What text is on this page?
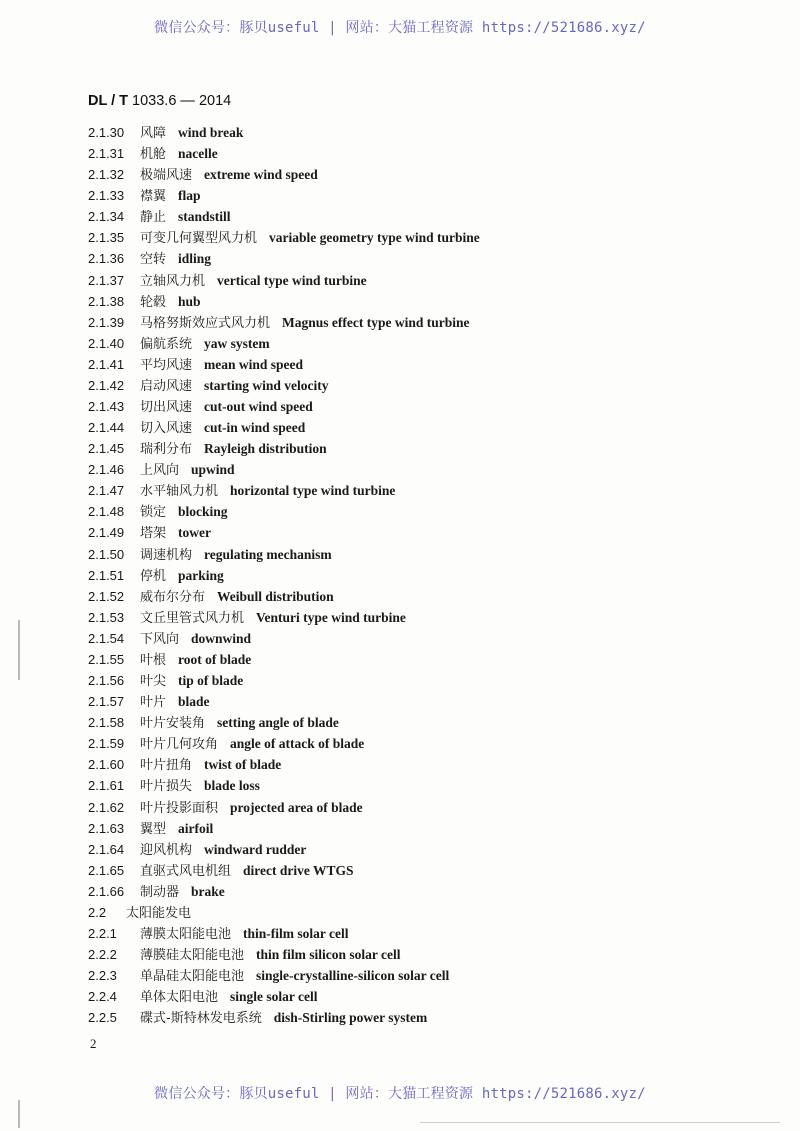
微信公众号：豚贝useful | 网站：大猫工程资源 https://521686.xyz/
DL / T 1033.6 — 2014
2.1.30	风障 wind break
2.1.31	机舱 nacelle
2.1.32	极端风速 extreme wind speed
2.1.33	襟翼 flap
2.1.34	静止 standstill
2.1.35	可变几何翼型风力机 variable geometry type wind turbine
2.1.36	空转 idling
2.1.37	立轴风力机 vertical type wind turbine
2.1.38	轮毂 hub
2.1.39	马格努斯效应式风力机 Magnus effect type wind turbine
2.1.40	偏航系统 yaw system
2.1.41	平均风速 mean wind speed
2.1.42	启动风速 starting wind velocity
2.1.43	切出风速 cut-out wind speed
2.1.44	切入风速 cut-in wind speed
2.1.45	瑞利分布 Rayleigh distribution
2.1.46	上风向 upwind
2.1.47	水平轴风力机 horizontal type wind turbine
2.1.48	锁定 blocking
2.1.49	塔架 tower
2.1.50	调速机构 regulating mechanism
2.1.51	停机 parking
2.1.52	威布尔分布 Weibull distribution
2.1.53	文丘里管式风力机 Venturi type wind turbine
2.1.54	下风向 downwind
2.1.55	叶根 root of blade
2.1.56	叶尖 tip of blade
2.1.57	叶片 blade
2.1.58	叶片安装角 setting angle of blade
2.1.59	叶片几何攻角 angle of attack of blade
2.1.60	叶片扭角 twist of blade
2.1.61	叶片损失 blade loss
2.1.62	叶片投影面积 projected area of blade
2.1.63	翼型 airfoil
2.1.64	迎风机构 windward rudder
2.1.65	直驱式风电机组 direct drive WTGS
2.1.66	制动器 brake
2.2	太阳能发电
2.2.1	薄膜太阳能电池 thin-film solar cell
2.2.2	薄膜硅太阳能电池 thin film silicon solar cell
2.2.3	单晶硅太阳能电池 single-crystalline-silicon solar cell
2.2.4	单体太阳电池 single solar cell
2.2.5	碟式-斯特林发电系统 dish-Stirling power system
2
微信公众号：豚贝useful | 网站：大猫工程资源 https://521686.xyz/
